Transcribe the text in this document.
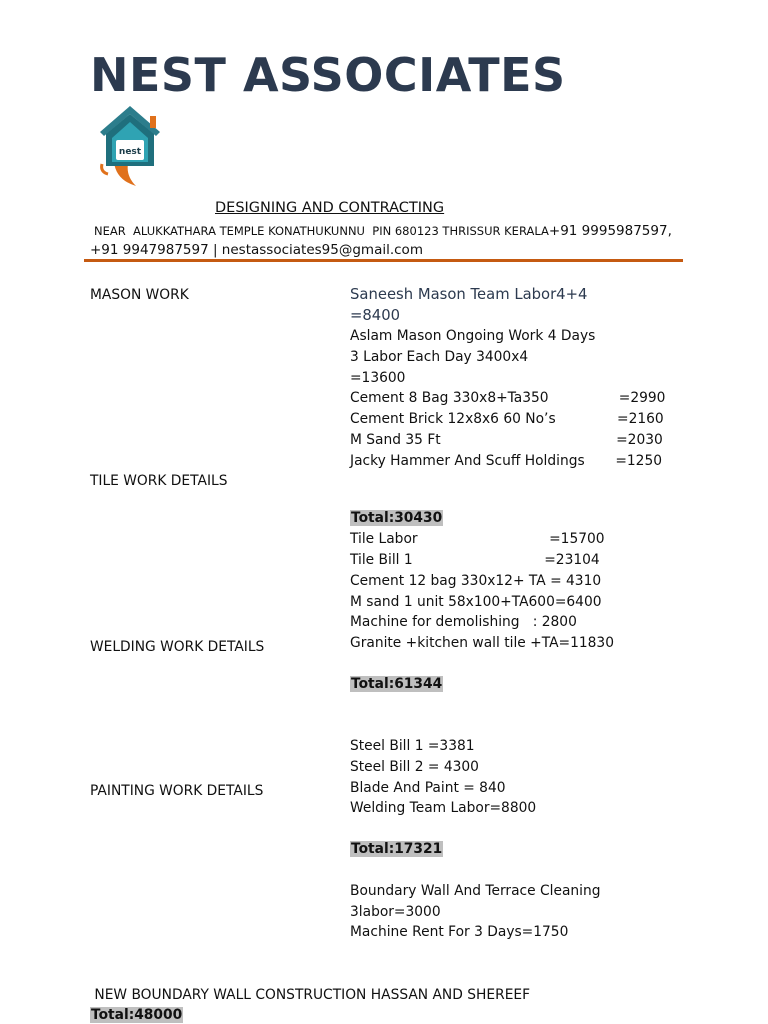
NEST ASSOCIATES
nest
DESIGNING AND CONTRACTING
NEAR  ALUKKATHARA TEMPLE KONATHUKUNNU  PIN 680123 THRISSUR KERALA+91 9995987597,
+91 9947987597 | nestassociates95@gmail.com
MASON WORK	Saneesh Mason Team Labor4+4
=8400
Aslam Mason Ongoing Work 4 Days
3 Labor Each Day 3400x4
=13600
Cement 8 Bag 330x8+Ta350                =2990
Cement Brick 12x8x6 60 No’s              =2160
M Sand 35 Ft                                        =2030
Jacky Hammer And Scuff Holdings       =1250
TILE WORK DETAILS
Total:30430
Tile Labor                              =15700
Tile Bill 1                              =23104
Cement 12 bag 330x12+ TA = 4310
M sand 1 unit 58x100+TA600=6400
Machine for demolishing   : 2800
Granite +kitchen wall tile +TA=11830
WELDING WORK DETAILS
Total:61344
Steel Bill 1 =3381
Steel Bill 2 = 4300
Blade And Paint = 840
Welding Team Labor=8800
PAINTING WORK DETAILS
Total:17321
Boundary Wall And Terrace Cleaning
3labor=3000
Machine Rent For 3 Days=1750
NEW BOUNDARY WALL CONSTRUCTION HASSAN AND SHEREEF
Total:48000
